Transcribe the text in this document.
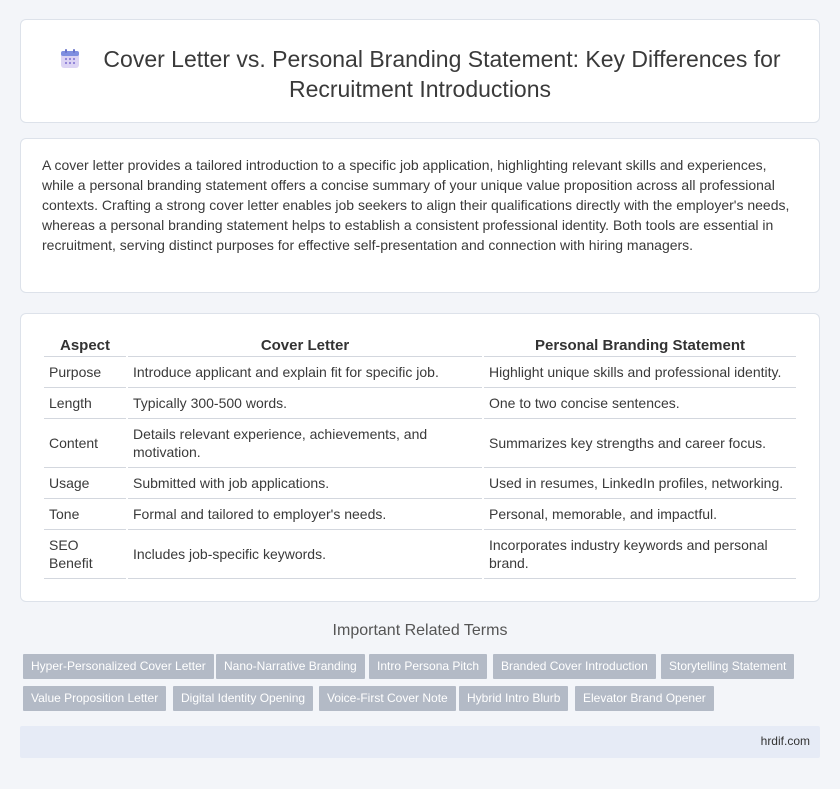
Cover Letter vs. Personal Branding Statement: Key Differences for Recruitment Introductions

A cover letter provides a tailored introduction to a specific job application, highlighting relevant skills and experiences, while a personal branding statement offers a concise summary of your unique value proposition across all professional contexts. Crafting a strong cover letter enables job seekers to align their qualifications directly with the employer's needs, whereas a personal branding statement helps to establish a consistent professional identity. Both tools are essential in recruitment, serving distinct purposes for effective self-presentation and connection with hiring managers.

Aspect	Cover Letter	Personal Branding Statement
Purpose	Introduce applicant and explain fit for specific job.	Highlight unique skills and professional identity.
Length	Typically 300-500 words.	One to two concise sentences.
Content	Details relevant experience, achievements, and motivation.	Summarizes key strengths and career focus.
Usage	Submitted with job applications.	Used in resumes, LinkedIn profiles, networking.
Tone	Formal and tailored to employer's needs.	Personal, memorable, and impactful.
SEO Benefit	Includes job-specific keywords.	Incorporates industry keywords and personal brand.
Important Related Terms
Hyper-Personalized Cover Letter	Nano-Narrative Branding	Intro Persona Pitch	Branded Cover Introduction	Storytelling Statement
Value Proposition Letter	Digital Identity Opening	Voice-First Cover Note	Hybrid Intro Blurb	Elevator Brand Opener
hrdif.com
